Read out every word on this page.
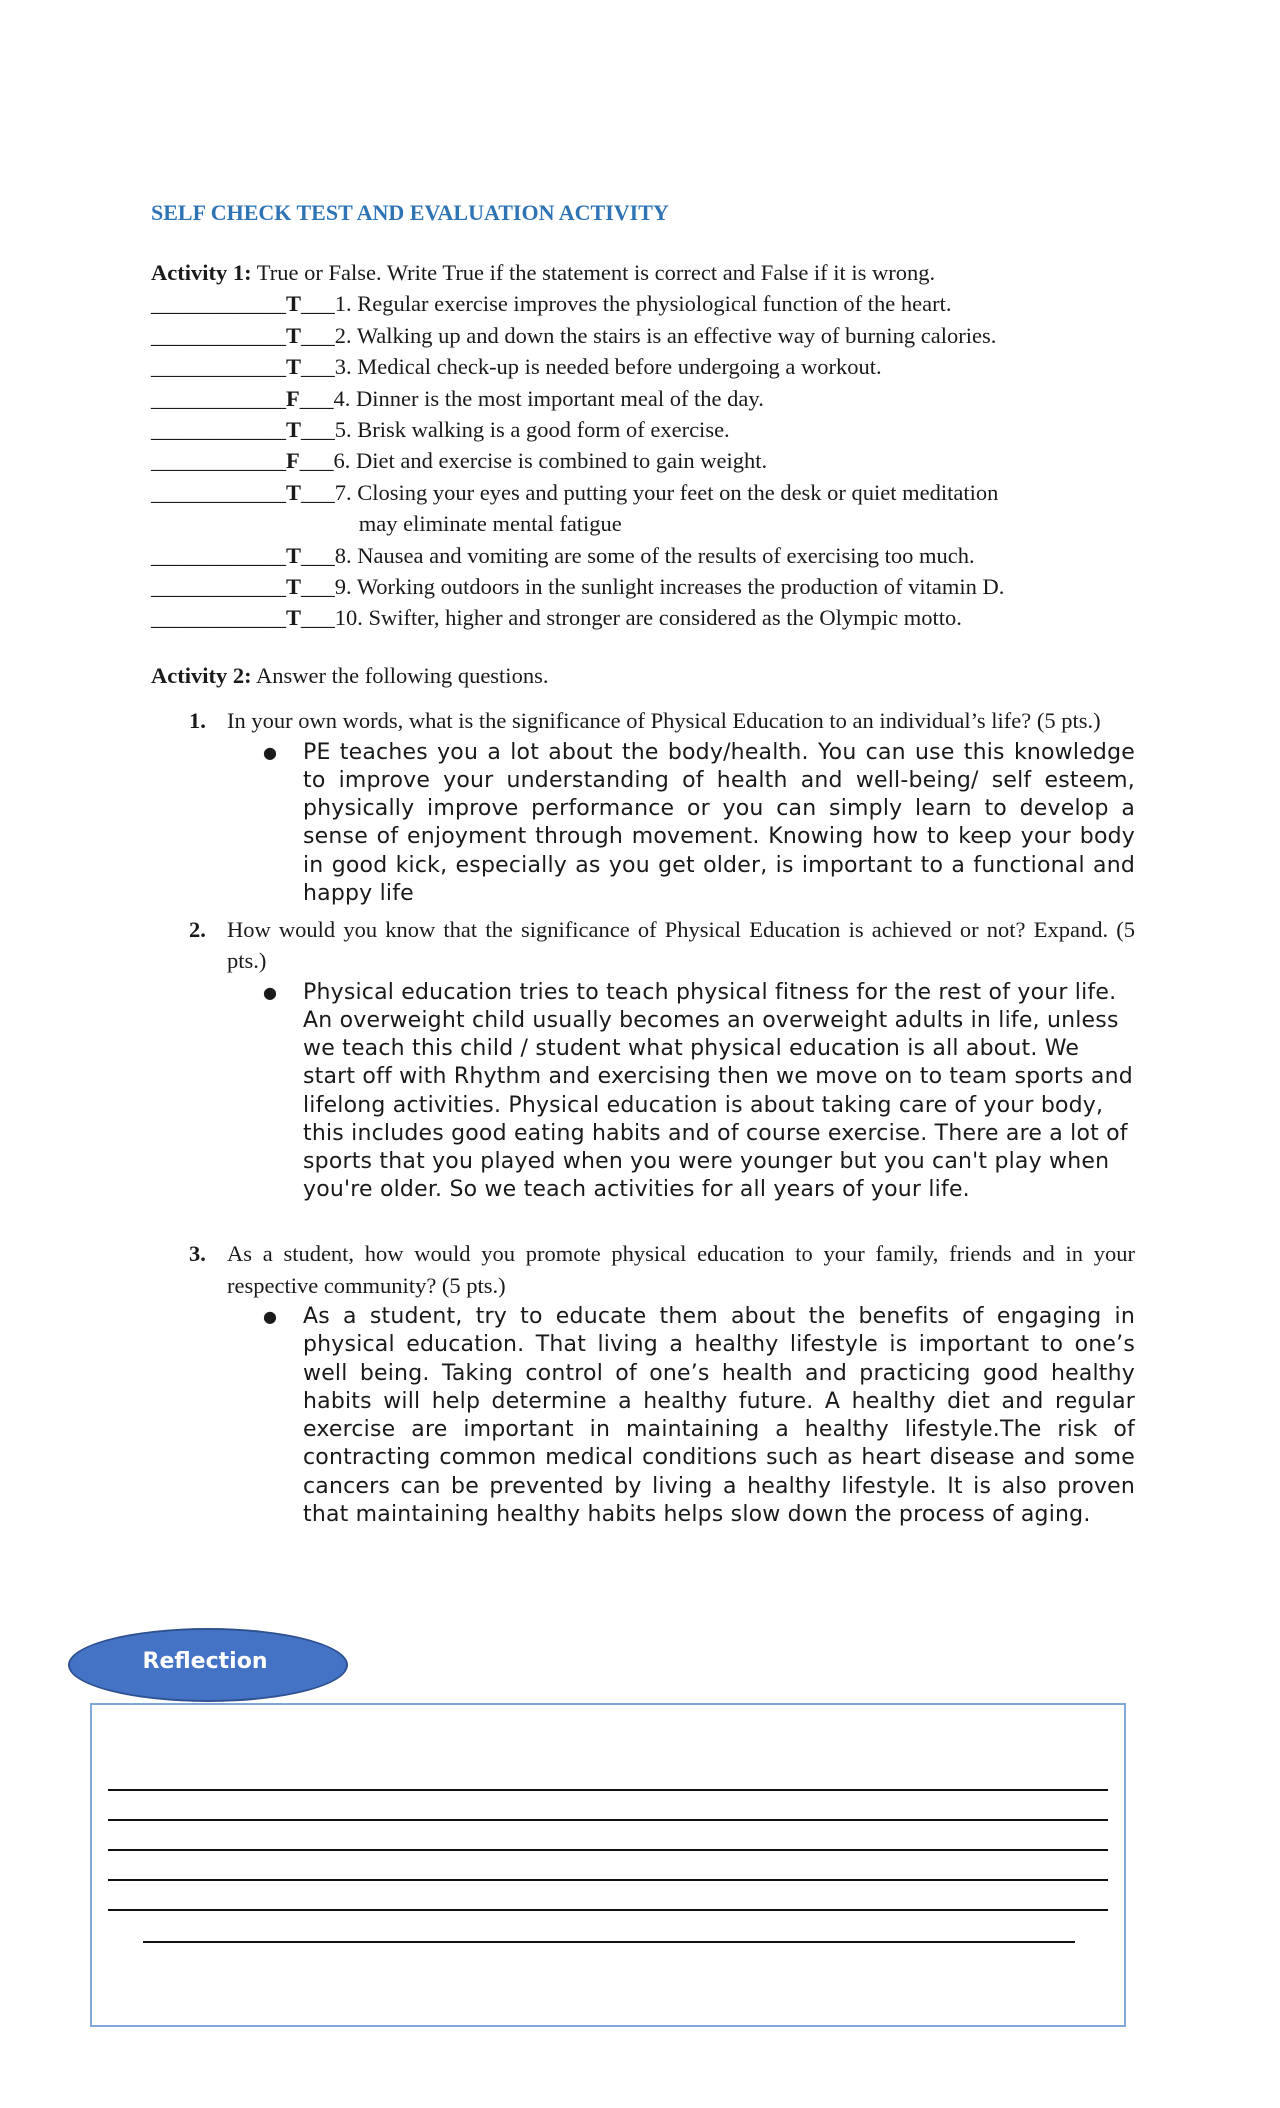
SELF CHECK TEST AND EVALUATION ACTIVITY
Activity 1: True or False. Write True if the statement is correct and False if it is wrong.
____________ T ___ 1. Regular exercise improves the physiological function of the heart.
____________ T ___ 2. Walking up and down the stairs is an effective way of burning calories.
____________ T ___ 3. Medical check-up is needed before undergoing a workout.
____________ F ___ 4. Dinner is the most important meal of the day.
____________ T ___ 5. Brisk walking is a good form of exercise.
____________ F ___ 6. Diet and exercise is combined to gain weight.
____________ T ___ 7. Closing your eyes and putting your feet on the desk or quiet meditation
may eliminate mental fatigue
____________ T ___ 8. Nausea and vomiting are some of the results of exercising too much.
____________ T ___ 9. Working outdoors in the sunlight increases the production of vitamin D.
____________ T ___ 10. Swifter, higher and stronger are considered as the Olympic motto.
Activity 2: Answer the following questions.
1. In your own words, what is the significance of Physical Education to an individual’s life? (5 pts.)
● PE teaches you a lot about the body/health. You can use this knowledge to improve your understanding of health and well-being/ self esteem, physically improve performance or you can simply learn to develop a sense of enjoyment through movement. Knowing how to keep your body in good kick, especially as you get older, is important to a functional and happy life
2. How would you know that the significance of Physical Education is achieved or not? Expand. (5 pts.)
● Physical education tries to teach physical fitness for the rest of your life. An overweight child usually becomes an overweight adults in life, unless we teach this child / student what physical education is all about. We start off with Rhythm and exercising then we move on to team sports and lifelong activities. Physical education is about taking care of your body, this includes good eating habits and of course exercise. There are a lot of sports that you played when you were younger but you can't play when you're older. So we teach activities for all years of your life.
3. As a student, how would you promote physical education to your family, friends and in your respective community? (5 pts.)
● As a student, try to educate them about the benefits of engaging in physical education. That living a healthy lifestyle is important to one’s well being. Taking control of one’s health and practicing good healthy habits will help determine a healthy future. A healthy diet and regular exercise are important in maintaining a healthy lifestyle.The risk of contracting common medical conditions such as heart disease and some cancers can be prevented by living a healthy lifestyle. It is also proven that maintaining healthy habits helps slow down the process of aging.
Reflection
